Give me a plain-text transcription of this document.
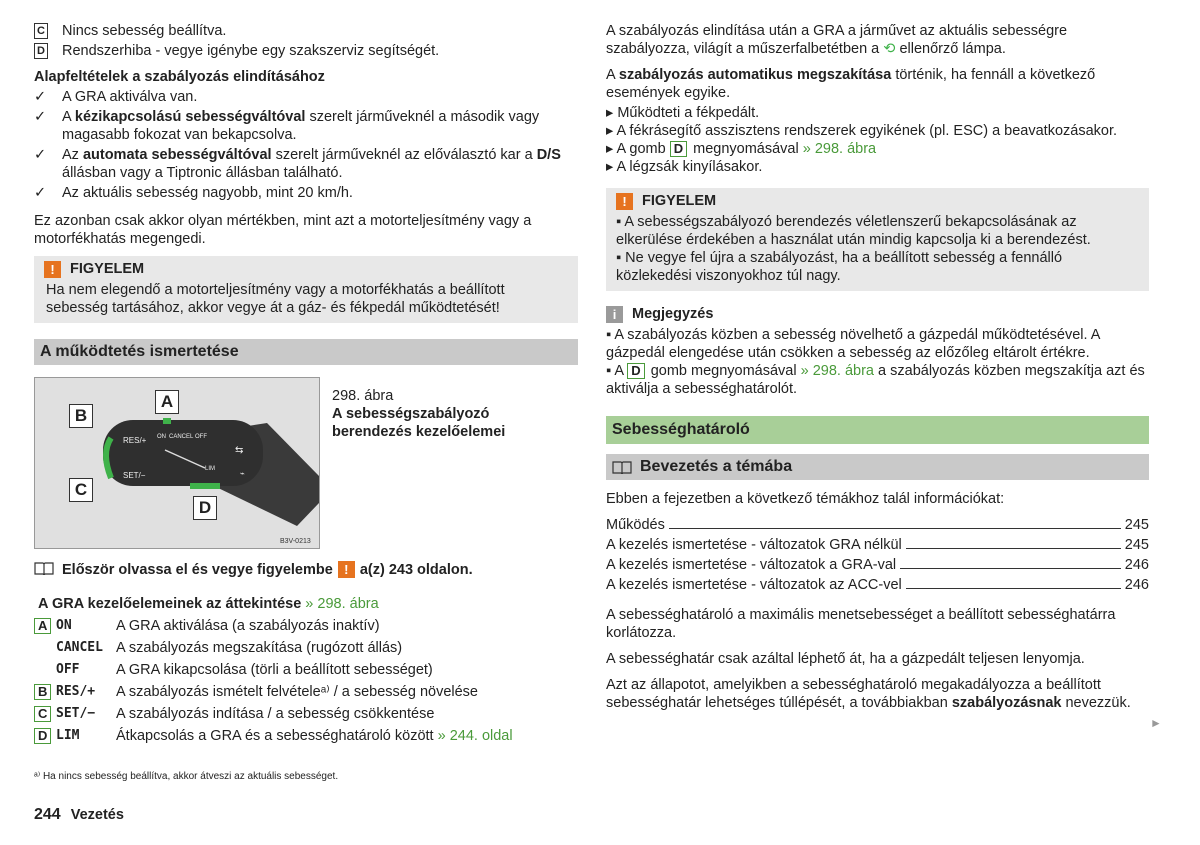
C Nincs sebesség beállítva.
D Rendszerhiba - vegye igénybe egy szakszerviz segítségét.
Alapfeltételek a szabályozás elindításához
✓	A GRA aktiválva van.
✓	A kézikapcsolású sebességváltóval szerelt járműveknél a második vagy magasabb fokozat van bekapcsolva.
✓	Az automata sebességváltóval szerelt járműveknél az előválasztó kar a D/S állásban vagy a Tiptronic állásban található.
✓	Az aktuális sebesség nagyobb, mint 20 km/h.
Ez azonban csak akkor olyan mértékben, mint azt a motorteljesítmény vagy a motorfékhatás megengedi.
!	FIGYELEM
Ha nem elegendő a motorteljesítmény vagy a motorfékhatás a beállított sebesség tartásához, akkor vegye át a gáz- és fékpedál működtetését!
A működtetés ismertetése
RES/+ ON CANCEL OFF
SET/−
LIM
⇆
⌁
B3V-0213
A
B
C
D
298. ábra
A sebességszabályozó berendezés kezelőelemei
Először olvassa el és vegye figyelembe ! a(z) 243 oldalon.
A GRA kezelőelemeinek az áttekintése » 298. ábra
A ON	A GRA aktiválása (a szabályozás inaktív)
CANCEL A szabályozás megszakítása (rugózott állás)
OFF	A GRA kikapcsolása (törli a beállított sebességet)
B RES/+	A szabályozás ismételt felvételeᵃ⁾ / a sebesség növelése
C SET/−	A szabályozás indítása / a sebesség csökkentése
D LIM	Átkapcsolás a GRA és a sebességhatároló között » 244. oldal
ᵃ⁾ Ha nincs sebesség beállítva, akkor átveszi az aktuális sebességet.
244 Vezetés
A szabályozás elindítása után a GRA a járművet az aktuális sebességre szabályozza, világít a műszerfalbetétben a ⟲ ellenőrző lámpa.
A szabályozás automatikus megszakítása történik, ha fennáll a következő események egyike.
▸ Működteti a fékpedált.
▸ A fékrásegítő asszisztens rendszerek egyikének (pl. ESC) a beavatkozásakor.
▸ A gomb D megnyomásával » 298. ábra
▸ A légzsák kinyílásakor.
!	FIGYELEM
▪ A sebességszabályozó berendezés véletlenszerű bekapcsolásának az elkerülése érdekében a használat után mindig kapcsolja ki a berendezést.
▪ Ne vegye fel újra a szabályozást, ha a beállított sebesség a fennálló közlekedési viszonyokhoz túl nagy.
i	Megjegyzés
▪ A szabályozás közben a sebesség növelhető a gázpedál működtetésével. A gázpedál elengedése után csökken a sebesség az előzőleg eltárolt értékre.
▪ A D gomb megnyomásával » 298. ábra a szabályozás közben megszakítja azt és aktiválja a sebességhatárolót.
Sebességhatároló
Bevezetés a témába
Ebben a fejezetben a következő témákhoz talál információkat:
Működés	245
A kezelés ismertetése - változatok GRA nélkül	245
A kezelés ismertetése - változatok a GRA-val	246
A kezelés ismertetése - változatok az ACC-vel	246
A sebességhatároló a maximális menetsebességet a beállított sebességhatárra korlátozza.
A sebességhatár csak azáltal léphető át, ha a gázpedált teljesen lenyomja.
Azt az állapotot, amelyikben a sebességhatároló megakadályozza a beállított sebességhatár lehetséges túllépését, a továbbiakban szabályozásnak nevezzük.
►
